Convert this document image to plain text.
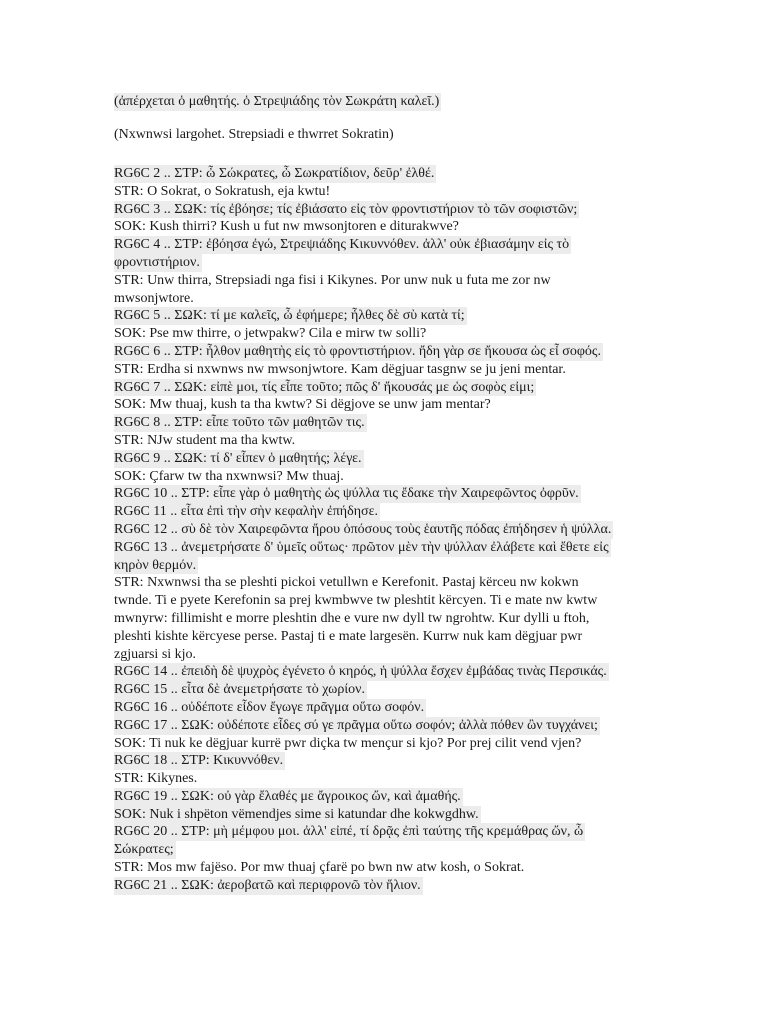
(ἀπέρχεται ὁ μαθητής. ὁ Στρεψιάδης τὸν Σωκράτη καλεῖ.)
(Nxwnwsi largohet. Strepsiadi e thwrret Sokratin)
RG6C 2 .. ΣΤΡ: ὦ Σώκρατες, ὦ Σωκρατίδιον, δεῦρ' ἐλθέ.
STR: O Sokrat, o Sokratush, eja kwtu!
RG6C 3 .. ΣΩΚ: τίς ἐβόησε; τίς ἐβιάσατο εἰς τὸν φροντιστήριον τὸ τῶν σοφιστῶν;
SOK: Kush thirri? Kush u fut nw mwsonjtoren e diturakwve?
RG6C 4 .. ΣΤΡ: ἐβόησα ἐγώ, Στρεψιάδης Κικυννόθεν. ἀλλ' οὐκ ἐβιασάμην εἰς τὸ
φροντιστήριον.
STR: Unw thirra, Strepsiadi nga fisi i Kikynes. Por unw nuk u futa me zor nw
mwsonjwtore.
RG6C 5 .. ΣΩΚ: τί με καλεῖς, ὦ ἐφήμερε; ἦλθες δὲ σὺ κατὰ τί;
SOK: Pse mw thirre, o jetwpakw? Cila e mirw tw solli?
RG6C 6 .. ΣΤΡ: ἦλθον μαθητὴς εἰς τὸ φροντιστήριον. ἤδη γὰρ σε ἤκουσα ὡς εἶ σοφός.
STR: Erdha si nxwnws nw mwsonjwtore. Kam dëgjuar tasgnw se ju jeni mentar.
RG6C 7 .. ΣΩΚ: εἰπὲ μοι, τίς εἶπε τοῦτο; πῶς δ' ἤκουσάς με ὡς σοφὸς εἰμι;
SOK: Mw thuaj, kush ta tha kwtw? Si dëgjove se unw jam mentar?
RG6C 8 .. ΣΤΡ: εἶπε τοῦτο τῶν μαθητῶν τις.
STR: NJw student ma tha kwtw.
RG6C 9 .. ΣΩΚ: τί δ' εἶπεν ὁ μαθητής; λέγε.
SOK: Çfarw tw tha nxwnwsi? Mw thuaj.
RG6C 10 .. ΣΤΡ: εἶπε γὰρ ὁ μαθητὴς ὡς ψύλλα τις ἔδακε τὴν Χαιρεφῶντος ὀφρῦν.
RG6C 11 .. εἶτα ἐπὶ τὴν σὴν κεφαλὴν ἐπήδησε.
RG6C 12 .. σὺ δὲ τὸν Χαιρεφῶντα ἤρου ὁπόσους τοὺς ἑαυτῆς πόδας ἐπήδησεν ἡ ψύλλα.
RG6C 13 .. ἀνεμετρήσατε δ' ὑμεῖς οὕτως· πρῶτον μὲν τὴν ψύλλαν ἐλάβετε καὶ ἔθετε εἰς
κηρὸν θερμόν.
STR: Nxwnwsi tha se pleshti pickoi vetullwn e Kerefonit. Pastaj kërceu nw kokwn
twnde. Ti e pyete Kerefonin sa prej kwmbwve tw pleshtit kërcyen. Ti e mate nw kwtw
mwnyrw: fillimisht e morre pleshtin dhe e vure nw dyll tw ngrohtw. Kur dylli u ftoh,
pleshti kishte kërcyese perse. Pastaj ti e mate largesën. Kurrw nuk kam dëgjuar pwr
zgjuarsi si kjo.
RG6C 14 .. ἐπειδὴ δὲ ψυχρὸς ἐγένετο ὁ κηρός, ἡ ψύλλα ἔσχεν ἐμβάδας τινὰς Περσικάς.
RG6C 15 .. εἶτα δὲ ἀνεμετρήσατε τὸ χωρίον.
RG6C 16 .. οὐδέποτε εἶδον ἔγωγε πρᾶγμα οὕτω σοφόν.
RG6C 17 .. ΣΩΚ: οὐδέποτε εἶδες σύ γε πρᾶγμα οὕτω σοφόν; ἀλλὰ πόθεν ὢν τυγχάνει;
SOK: Ti nuk ke dëgjuar kurrë pwr diçka tw mençur si kjo? Por prej cilit vend vjen?
RG6C 18 .. ΣΤΡ: Κικυννόθεν.
STR: Kikynes.
RG6C 19 .. ΣΩΚ: οὐ γὰρ ἔλαθές με ἄγροικος ὤν, καὶ ἀμαθής.
SOK: Nuk i shpëton vëmendjes sime si katundar dhe kokwgdhw.
RG6C 20 .. ΣΤΡ: μὴ μέμφου μοι. ἀλλ' εἰπέ, τί δρᾷς ἐπὶ ταύτης τῆς κρεμάθρας ὤν, ὦ
Σώκρατες;
STR: Mos mw fajëso. Por mw thuaj çfarë po bwn nw atw kosh, o Sokrat.
RG6C 21 .. ΣΩΚ: ἀεροβατῶ καὶ περιφρονῶ τὸν ἥλιον.
